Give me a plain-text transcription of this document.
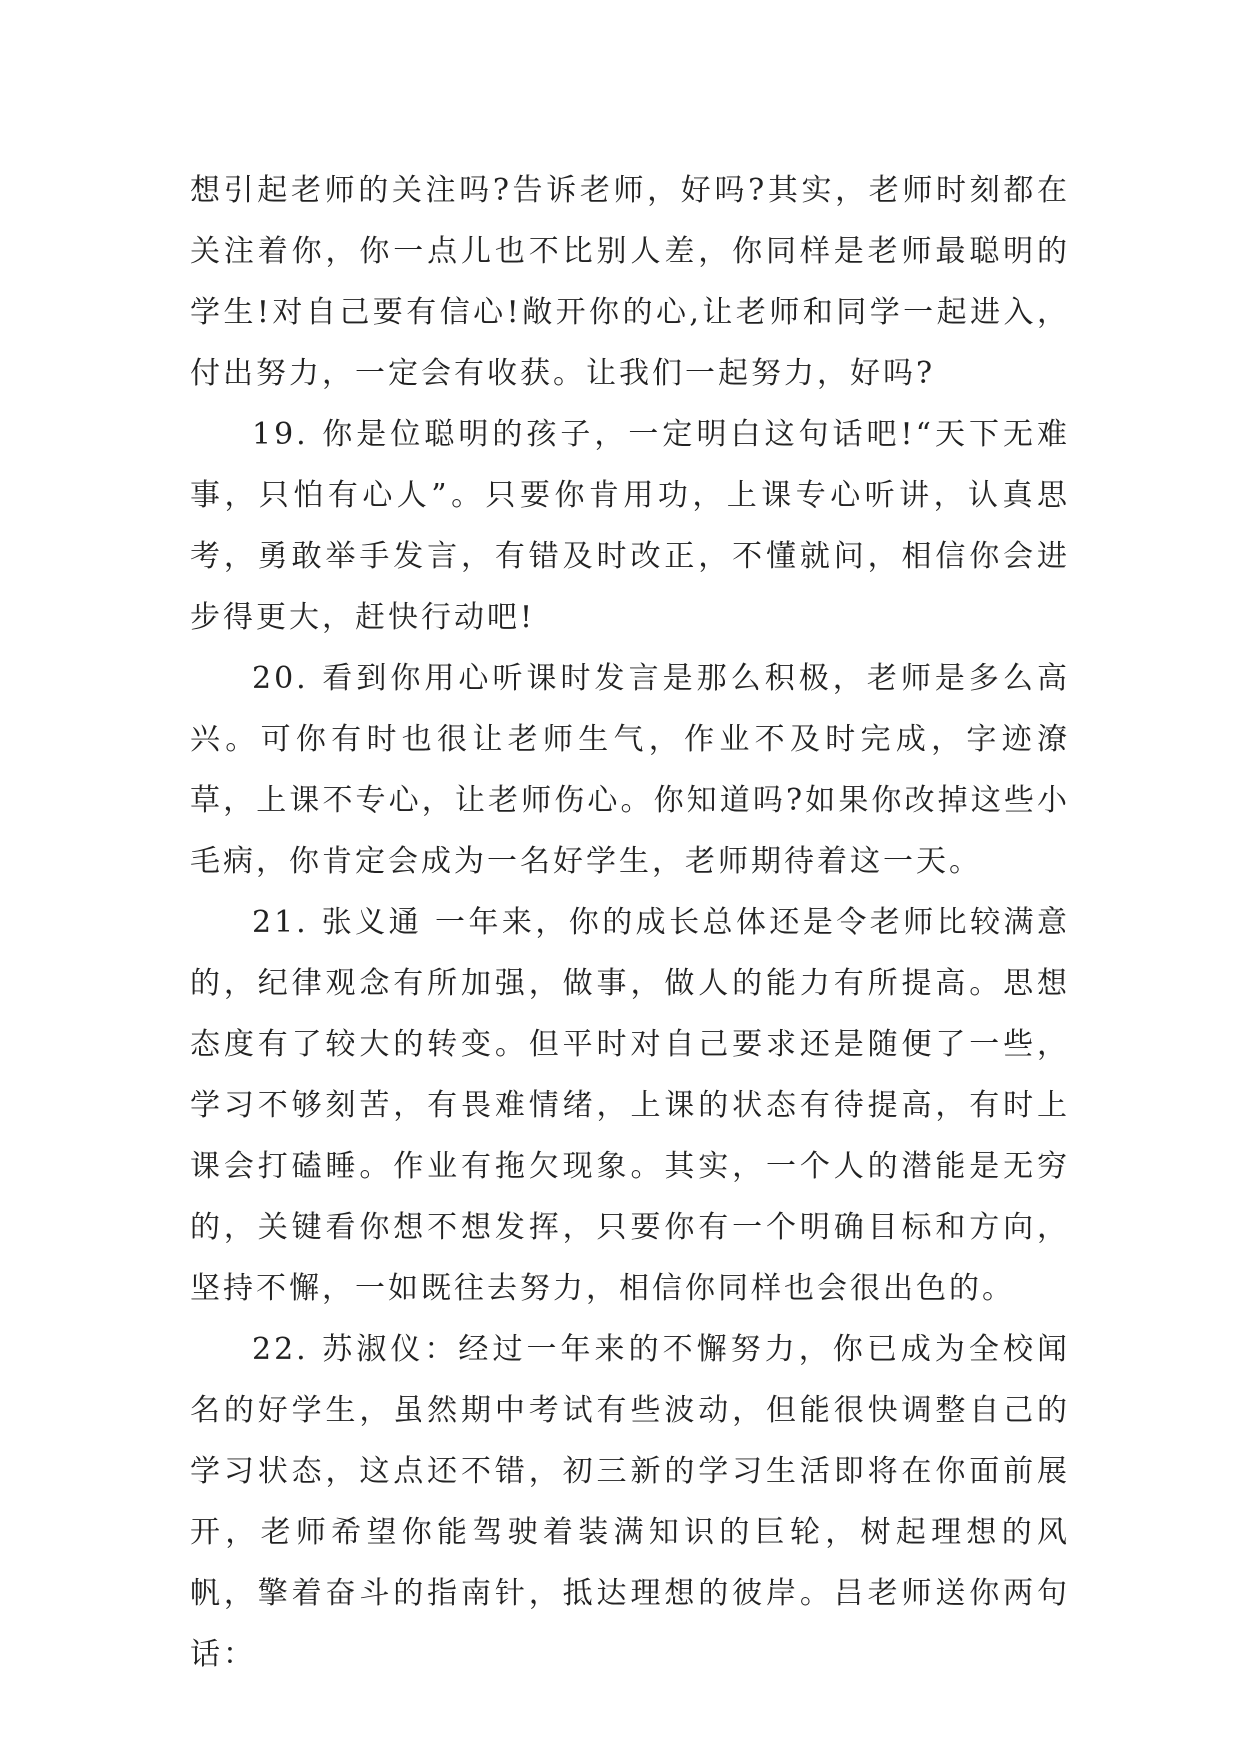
想引起老师的关注吗?告诉老师，好吗?其实，老师时刻都在关注着你，你一点儿也不比别人差，你同样是老师最聪明的学生!对自己要有信心!敞开你的心,让老师和同学一起进入，付出努力，一定会有收获。让我们一起努力，好吗?

19. 你是位聪明的孩子，一定明白这句话吧!“天下无难事，只怕有心人”。只要你肯用功，上课专心听讲，认真思考，勇敢举手发言，有错及时改正，不懂就问，相信你会进步得更大，赶快行动吧!

20. 看到你用心听课时发言是那么积极，老师是多么高兴。可你有时也很让老师生气，作业不及时完成，字迹潦草，上课不专心，让老师伤心。你知道吗?如果你改掉这些小毛病，你肯定会成为一名好学生，老师期待着这一天。

21. 张义通 一年来，你的成长总体还是令老师比较满意的，纪律观念有所加强，做事，做人的能力有所提高。思想态度有了较大的转变。但平时对自己要求还是随便了一些，学习不够刻苦，有畏难情绪，上课的状态有待提高，有时上课会打磕睡。作业有拖欠现象。其实，一个人的潜能是无穷的，关键看你想不想发挥，只要你有一个明确目标和方向，坚持不懈，一如既往去努力，相信你同样也会很出色的。

22. 苏淑仪：经过一年来的不懈努力，你已成为全校闻名的好学生，虽然期中考试有些波动，但能很快调整自己的学习状态，这点还不错，初三新的学习生活即将在你面前展开，老师希望你能驾驶着装满知识的巨轮，树起理想的风帆，擎着奋斗的指南针，抵达理想的彼岸。吕老师送你两句话：
